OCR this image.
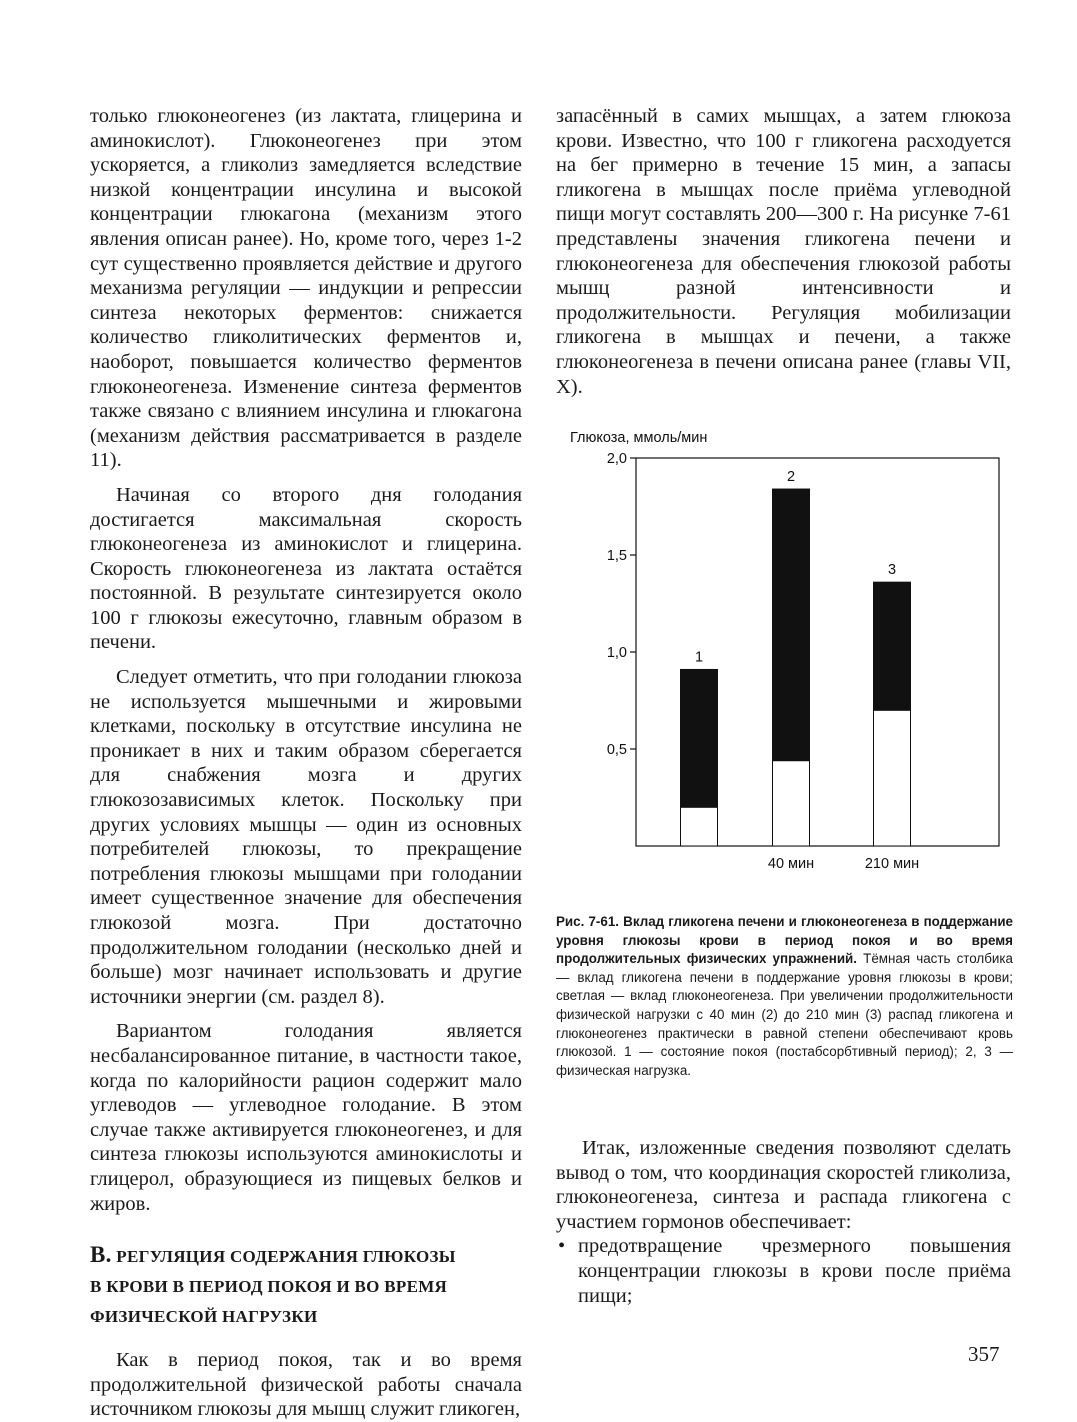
только глюконеогенез (из лактата, глицерина и аминокислот). Глюконеогенез при этом ускоряется, а гликолиз замедляется вследствие низкой концентрации инсулина и высокой концентрации глюкагона (механизм этого явления описан ранее). Но, кроме того, через 1-2 сут существенно проявляется действие и другого механизма регуляции — индукции и репрессии синтеза некоторых ферментов: снижается количество гликолитических ферментов и, наоборот, повышается количество ферментов глюконеогенеза. Изменение синтеза ферментов также связано с влиянием инсулина и глюкагона (механизм действия рассматривается в разделе 11).

Начиная со второго дня голодания достигается максимальная скорость глюконеогенеза из аминокислот и глицерина. Скорость глюконеогенеза из лактата остаётся постоянной. В результате синтезируется около 100 г глюкозы ежесуточно, главным образом в печени.

Следует отметить, что при голодании глюкоза не используется мышечными и жировыми клетками, поскольку в отсутствие инсулина не проникает в них и таким образом сберегается для снабжения мозга и других глюкозозависимых клеток. Поскольку при других условиях мышцы — один из основных потребителей глюкозы, то прекращение потребления глюкозы мышцами при голодании имеет существенное значение для обеспечения глюкозой мозга. При достаточно продолжительном голодании (несколько дней и больше) мозг начинает использовать и другие источники энергии (см. раздел 8).

Вариантом голодания является несбалансированное питание, в частности такое, когда по калорийности рацион содержит мало углеводов — углеводное голодание. В этом случае также активируется глюконеогенез, и для синтеза глюкозы используются аминокислоты и глицерол, образующиеся из пищевых белков и жиров.

В. РЕГУЛЯЦИЯ СОДЕРЖАНИЯ ГЛЮКОЗЫ
В КРОВИ В ПЕРИОД ПОКОЯ И ВО ВРЕМЯ
ФИЗИЧЕСКОЙ НАГРУЗКИ

Как в период покоя, так и во время продолжительной физической работы сначала источником глюкозы для мышц служит гликоген,

запасённый в самих мышцах, а затем глюкоза крови. Известно, что 100 г гликогена расходуется на бег примерно в течение 15 мин, а запасы гликогена в мышцах после приёма углеводной пищи могут составлять 200—300 г. На рисунке 7-61 представлены значения гликогена печени и глюконеогенеза для обеспечения глюкозой работы мышц разной интенсивности и продолжительности. Регуляция мобилизации гликогена в мышцах и печени, а также глюконеогенеза в печени описана ранее (главы VII, X).

Глюкоза, ммоль/мин
0,5
1,0
1,5
2,0
1
2
40 мин
3
210 мин
Рис. 7-61. Вклад гликогена печени и глюконеогенеза в поддержание уровня глюкозы крови в период покоя и во время продолжительных физических упражнений. Тёмная часть столбика — вклад гликогена печени в поддержание уровня глюкозы в крови; светлая — вклад глюконеогенеза. При увеличении продолжительности физической нагрузки с 40 мин (2) до 210 мин (3) распад гликогена и глюконеогенез практически в равной степени обеспечивают кровь глюкозой. 1 — состояние покоя (постабсорбтивный период); 2, 3 — физическая нагрузка.

Итак, изложенные сведения позволяют сделать вывод о том, что координация скоростей гликолиза, глюконеогенеза, синтеза и распада гликогена с участием гормонов обеспечивает:

• предотвращение чрезмерного повышения концентрации глюкозы в крови после приёма пищи;
357
